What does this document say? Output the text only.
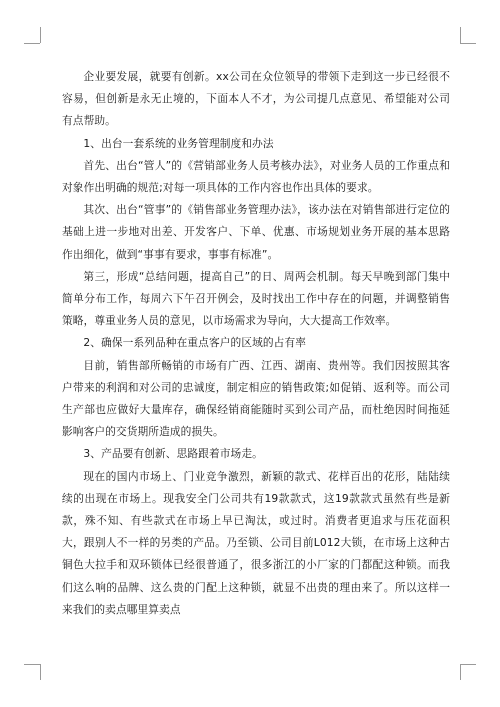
企业要发展，就要有创新。xx公司在众位领导的带领下走到这一步已经很不容易，但创新是永无止境的，下面本人不才，为公司提几点意见、希望能对公司有点帮助。

1、出台一套系统的业务管理制度和办法

首先、出台“管人”的《营销部业务人员考核办法》，对业务人员的工作重点和对象作出明确的规范;对每一项具体的工作内容也作出具体的要求。

其次、出台“管事”的《销售部业务管理办法》，该办法在对销售部进行定位的基础上进一步地对出差、开发客户、下单、优惠、市场规划业务开展的基本思路作出细化，做到“事事有要求，事事有标准”。

第三，形成“总结问题，提高自己”的日、周两会机制。每天早晚到部门集中简单分布工作，每周六下午召开例会，及时找出工作中存在的问题，并调整销售策略，尊重业务人员的意见，以市场需求为导向，大大提高工作效率。

2、确保一系列品种在重点客户的区域的占有率

目前，销售部所畅销的市场有广西、江西、湖南、贵州等。我们因按照其客户带来的利润和对公司的忠诚度，制定相应的销售政策;如促销、返利等。而公司生产部也应做好大量库存，确保经销商能随时买到公司产品，而杜绝因时间拖延影响客户的交货期所造成的损失。

3、产品要有创新、思路跟着市场走。

现在的国内市场上、门业竞争激烈，新颖的款式、花样百出的花形，陆陆续续的出现在市场上。现我安全门公司共有19款款式，这19款款式虽然有些是新款，殊不知、有些款式在市场上早已淘汰，或过时。消费者更追求与压花面积大，跟别人不一样的另类的产品。乃至锁、公司目前L012大锁，在市场上这种古铜色大拉手和双环锁体已经很普通了，很多浙江的小厂家的门都配这种锁。而我们这么响的品牌、这么贵的门配上这种锁，就显不出贵的理由来了。所以这样一来我们的卖点哪里算卖点
